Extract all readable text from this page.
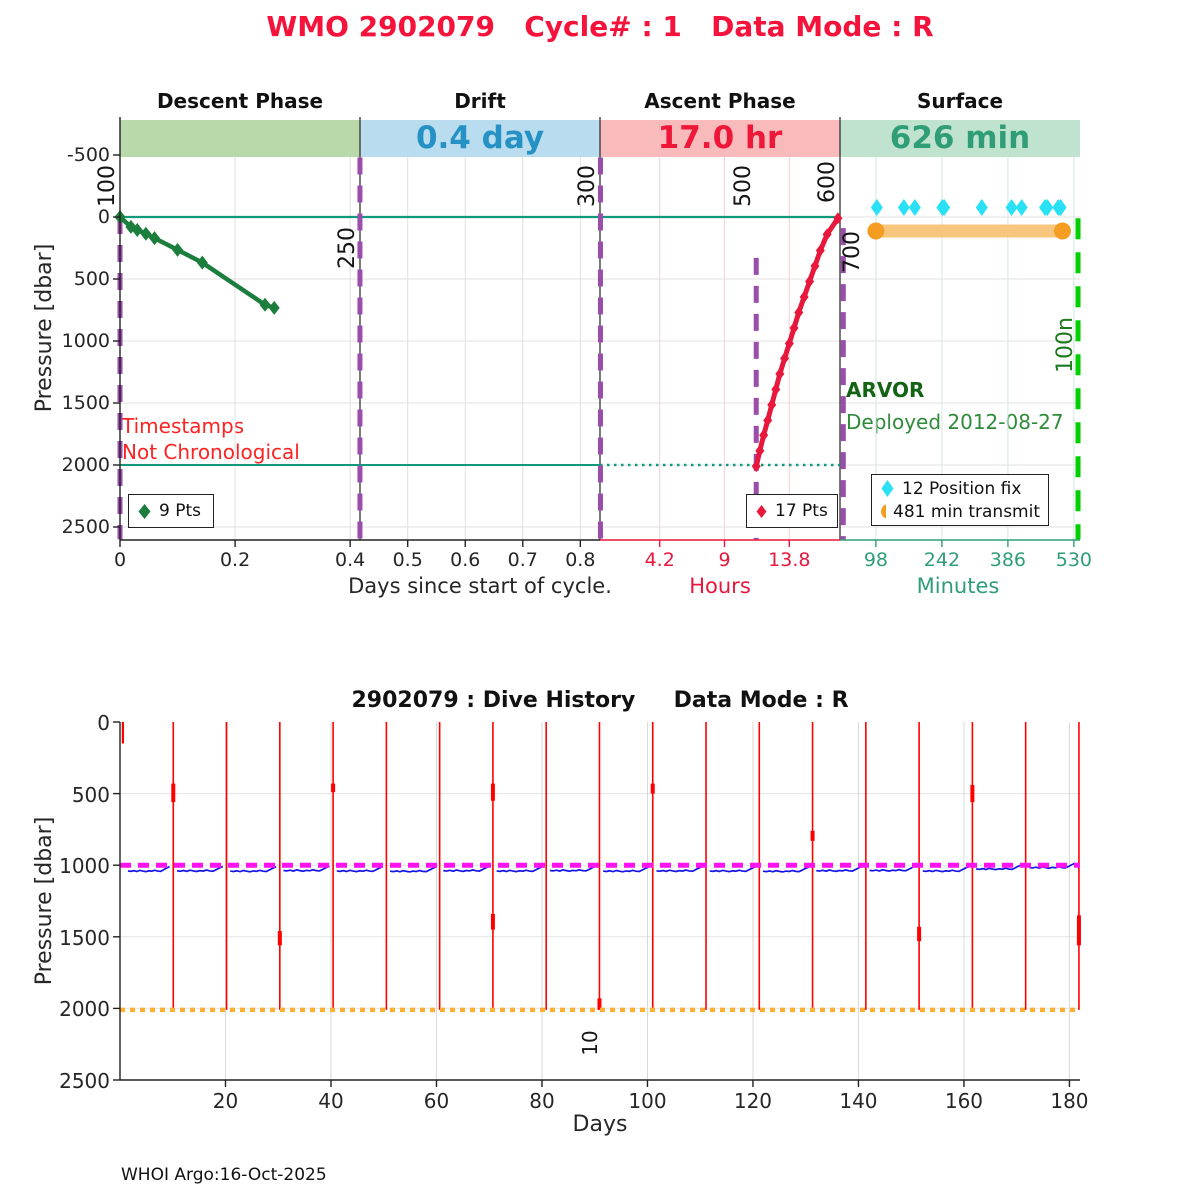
WMO 2902079   Cycle# : 1   Data Mode : R
Descent Phase	Drift	Ascent Phase	Surface
0.4 day	17.0 hr	626 min
100
250
300	500	600
700
100n
-500
0
500
1000
1500
2000
2500
0	0.2	0.4	0.5	0.6	0.7	0.8	4.2	9	13.8	98	242	386	530
10
0
500
1000
1500
2000
2500
20	40	60	80	100	120	140	160	180
Pressure [dbar]
Pressure [dbar]
Days since start of cycle.	Hours	Minutes
Timestamps
Not Chronological
ARVOR
Deployed 2012-08-27
9 Pts	17 Pts
12 Position fix
481 min transmit
2902079 : Dive History     Data Mode : R
Days
WHOI Argo:16-Oct-2025
